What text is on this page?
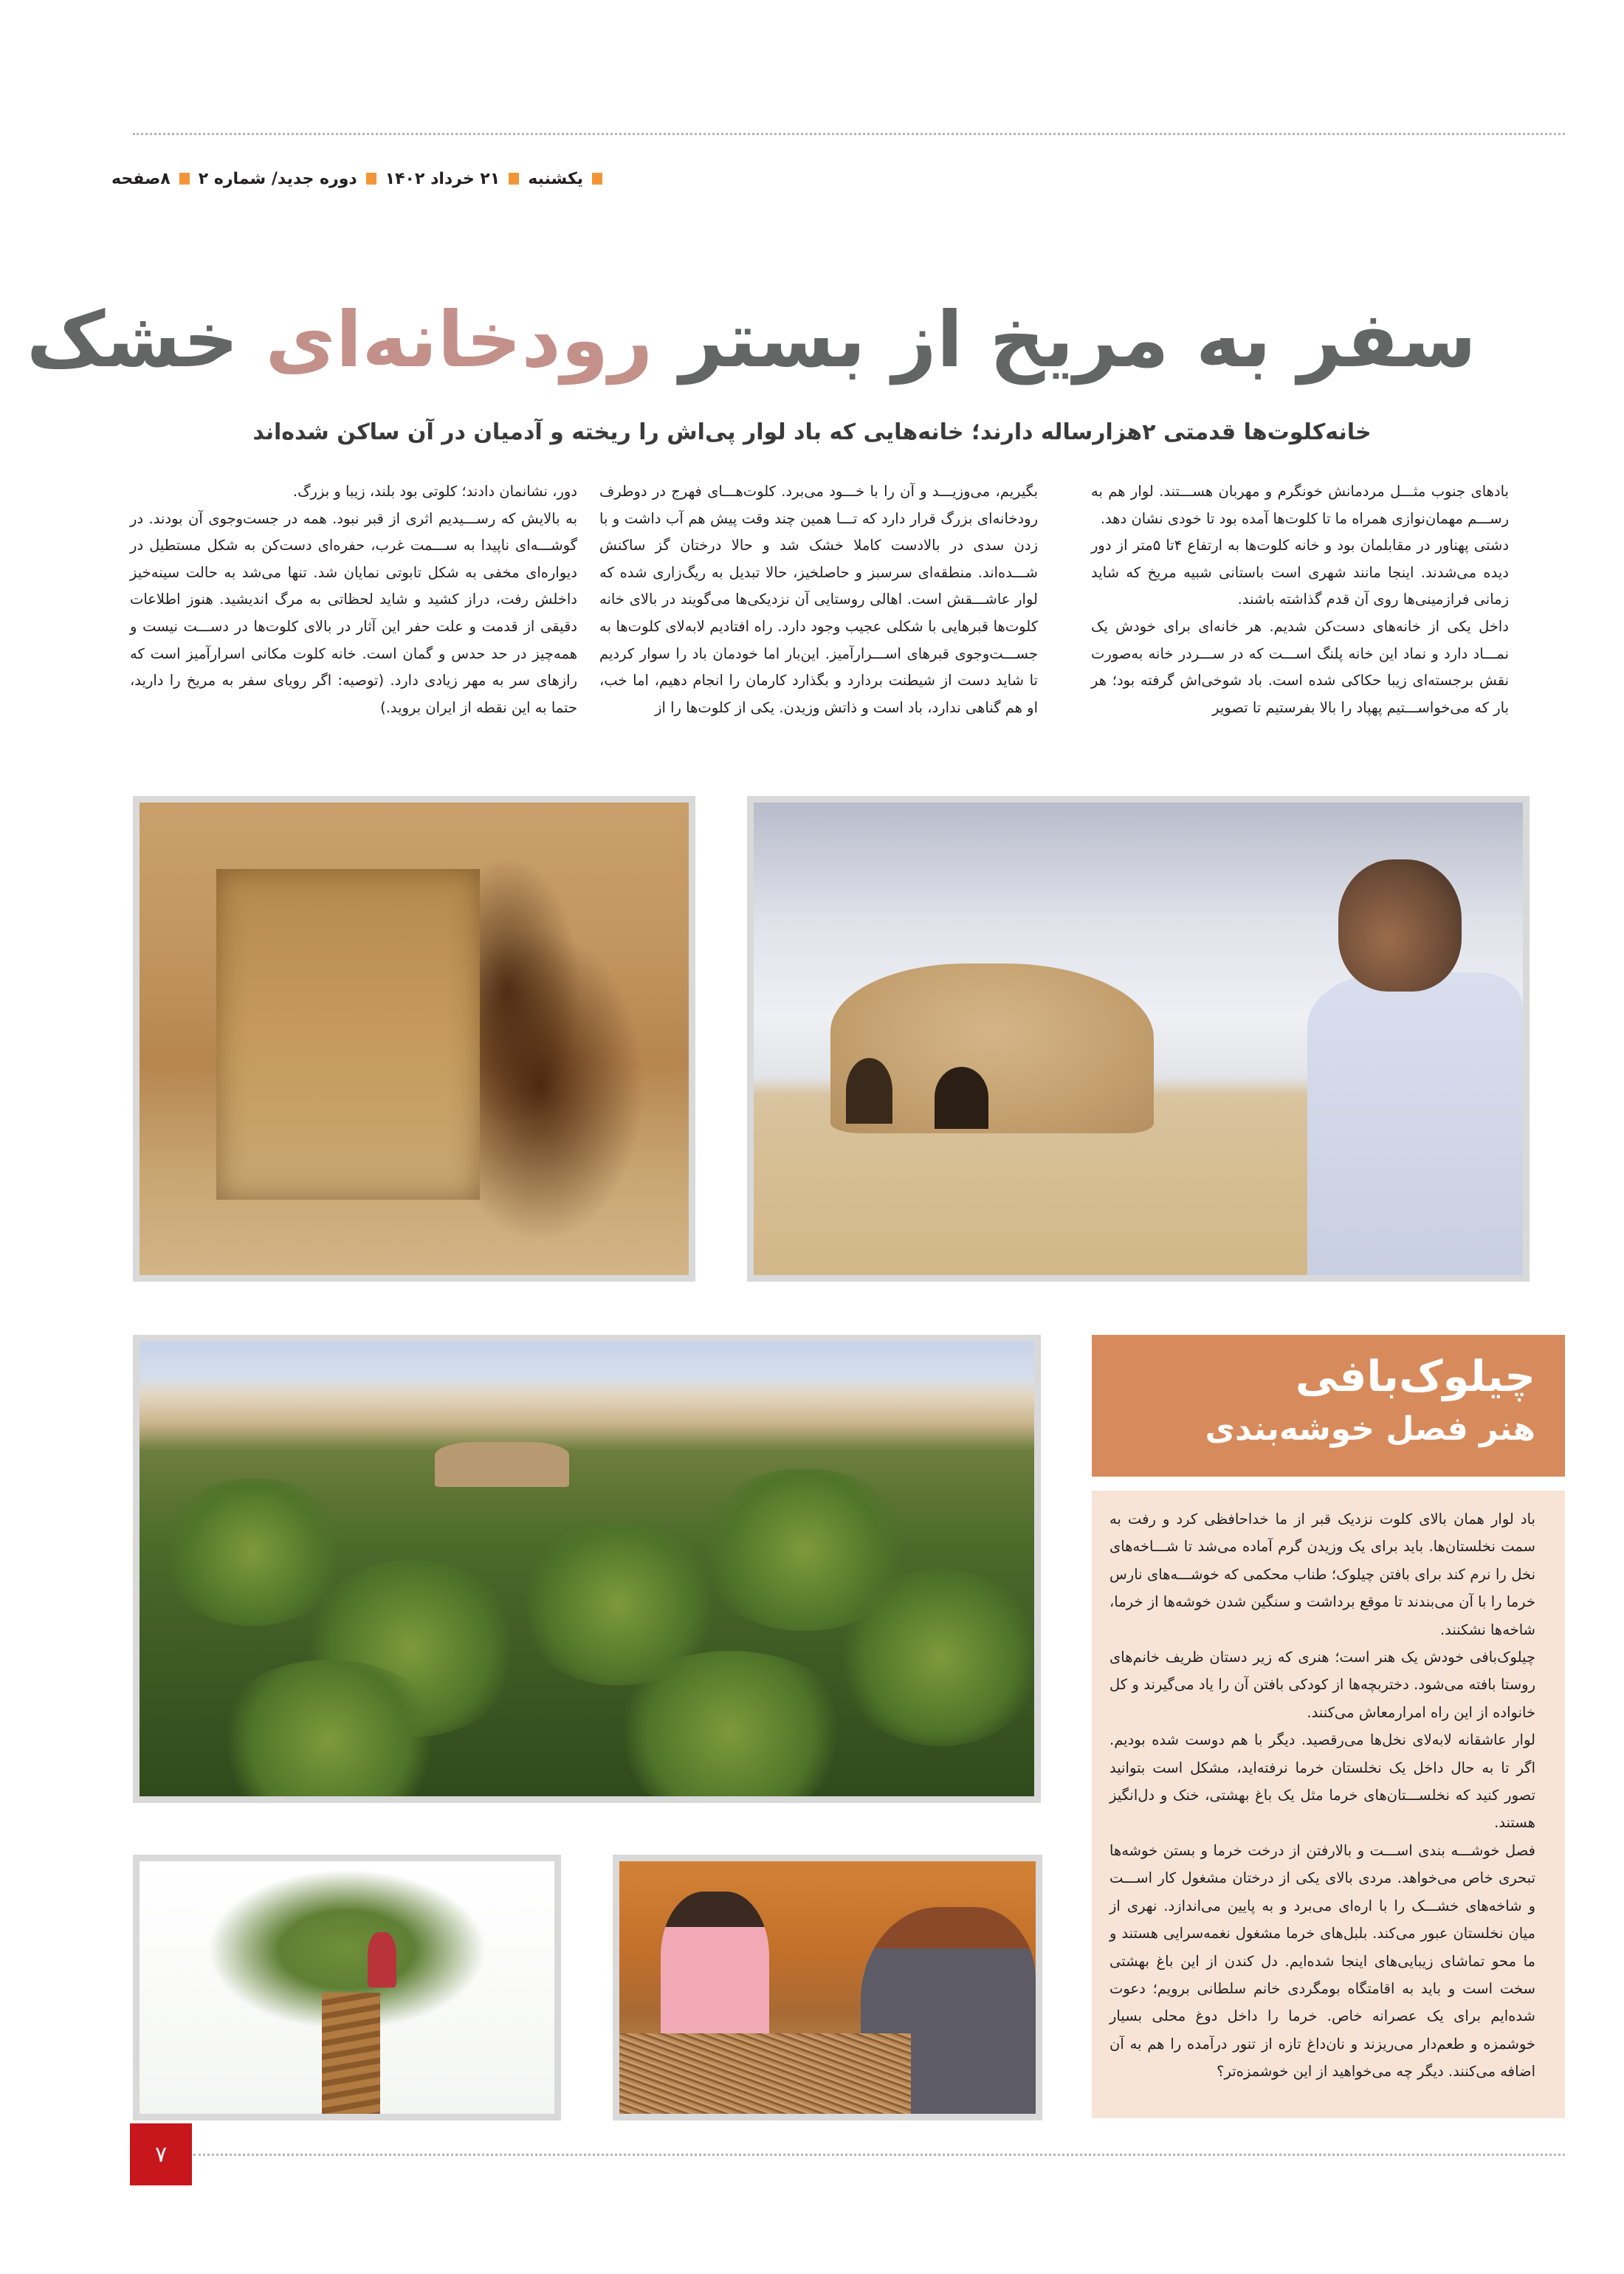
یکشنبه
۲۱ خرداد ۱۴۰۲
دوره جدید/ شماره ۲
۸صفحه
سفر به مریخ از بستر رودخانه‌ای خشک
خانه‌کلوت‌ها قدمتی ۲هزارساله دارند؛ خانه‌هایی که باد لوار پی‌اش را ریخته و آدمیان در آن ساکن شده‌اند

بادهای جنوب مثـــل مردمانش خونگرم و مهربان هســـتند. لوار هم به رســـم مهمان‌نوازی همراه ما تا کلوت‌ها آمده بود تا خودی نشان دهد.

دشتی پهناور در مقابلمان بود و خانه کلوت‌ها به ارتفاع ۴تا ۵متر از دور دیده می‌شدند. اینجا مانند شهری است باستانی شبیه مریخ که شاید زمانی فرازمینی‌ها روی آن قدم گذاشته باشند.

داخل یکی از خانه‌های دست‌کن شدیم. هر خانه‌ای برای خودش یک نمـــاد دارد و نماد این خانه پلنگ اســـت که در ســـردر خانه به‌صورت نقش برجسته‌ای زیبا حکاکی شده است. باد شوخی‌اش گرفته بود؛ هر بار که می‌خواســـتیم پهپاد را بالا بفرستیم تا تصویر

بگیریم، می‌وزیـــد و آن را با خـــود می‌برد. کلوت‌هـــای فهرج در دوطرف رودخانه‌ای بزرگ قرار دارد که تـــا همین چند وقت پیش هم آب داشت و با زدن سدی در بالادست کاملا خشک شد و حالا درختان گز ساکنش شـــده‌اند. منطقه‌ای سرسبز و حاصلخیز، حالا تبدیل به ریگ‌زاری شده که لوار عاشـــقش است. اهالی روستایی آن نزدیکی‌ها می‌گویند در بالای خانه کلوت‌ها قبرهایی با شکلی عجیب وجود دارد. راه افتادیم لابه‌لای کلوت‌ها به جســـت‌وجوی قبرهای اســـرارآمیز. این‌بار اما خودمان باد را سوار کردیم تا شاید دست از شیطنت بردارد و بگذارد کارمان را انجام دهیم، اما خب، او هم گناهی ندارد، باد است و ذاتش وزیدن. یکی از کلوت‌ها را از

دور، نشانمان دادند؛ کلوتی بود بلند، زیبا و بزرگ.

به بالایش که رســـیدیم اثری از قبر نبود. همه در جست‌وجوی آن بودند. در گوشـــه‌ای ناپیدا به ســـمت غرب، حفره‌ای دست‌کن به شکل مستطیل در دیواره‌ای مخفی به شکل تابوتی نمایان شد. تنها می‌شد به حالت سینه‌خیز داخلش رفت، دراز کشید و شاید لحظاتی به مرگ اندیشید. هنوز اطلاعات دقیقی از قدمت و علت حفر این آثار در بالای کلوت‌ها در دســـت نیست و همه‌چیز در حد حدس و گمان است. خانه کلوت مکانی اسرارآمیز است که رازهای سر به مهر زیادی دارد. (توصیه: اگر رویای سفر به مریخ را دارید، حتما به این نقطه از ایران بروید.)

چیلوک‌بافی
هنر فصل خوشه‌بندی

باد لوار همان بالای کلوت نزدیک قبر از ما خداحافظی کرد و رفت به سمت نخلستان‌ها. باید برای یک وزیدن گرم آماده می‌شد تا شـــاخه‌های نخل را نرم کند برای بافتن چیلوک؛ طناب محکمی که خوشـــه‌های نارس خرما را با آن می‌بندند تا موقع برداشت و سنگین شدن خوشه‌ها از خرما، شاخه‌ها نشکنند.

چیلوک‌بافی خودش یک هنر است؛ هنری که زیر دستان ظریف خانم‌های روستا بافته می‌شود. دختربچه‌ها از کودکی بافتن آن را یاد می‌گیرند و کل خانواده از این راه امرارمعاش می‌کنند.

لوار عاشقانه لابه‌لای نخل‌ها می‌رقصید. دیگر با هم دوست شده بودیم. اگر تا به حال داخل یک نخلستان خرما نرفته‌اید، مشکل است بتوانید تصور کنید که نخلســـتان‌های خرما مثل یک باغ بهشتی، خنک و دل‌انگیز هستند.

فصل خوشـــه بندی اســـت و بالارفتن از درخت خرما و بستن خوشه‌ها تبحری خاص می‌خواهد. مردی بالای یکی از درختان مشغول کار اســـت و شاخه‌های خشـــک را با اره‌ای می‌برد و به پایین می‌اندازد. نهری از میان نخلستان عبور می‌کند. بلبل‌های خرما مشغول نغمه‌سرایی هستند و ما محو تماشای زیبایی‌های اینجا شده‌ایم. دل کندن از این باغ بهشتی سخت است و باید به اقامتگاه بومگردی خانم سلطانی برویم؛ دعوت شده‌ایم برای یک عصرانه خاص. خرما را داخل دوغ محلی بسیار خوشمزه و طعم‌دار می‌ریزند و نان‌داغ تازه از تنور درآمده را هم به آن اضافه می‌کنند. دیگر چه می‌خواهید از این خوشمزه‌تر؟

۷
